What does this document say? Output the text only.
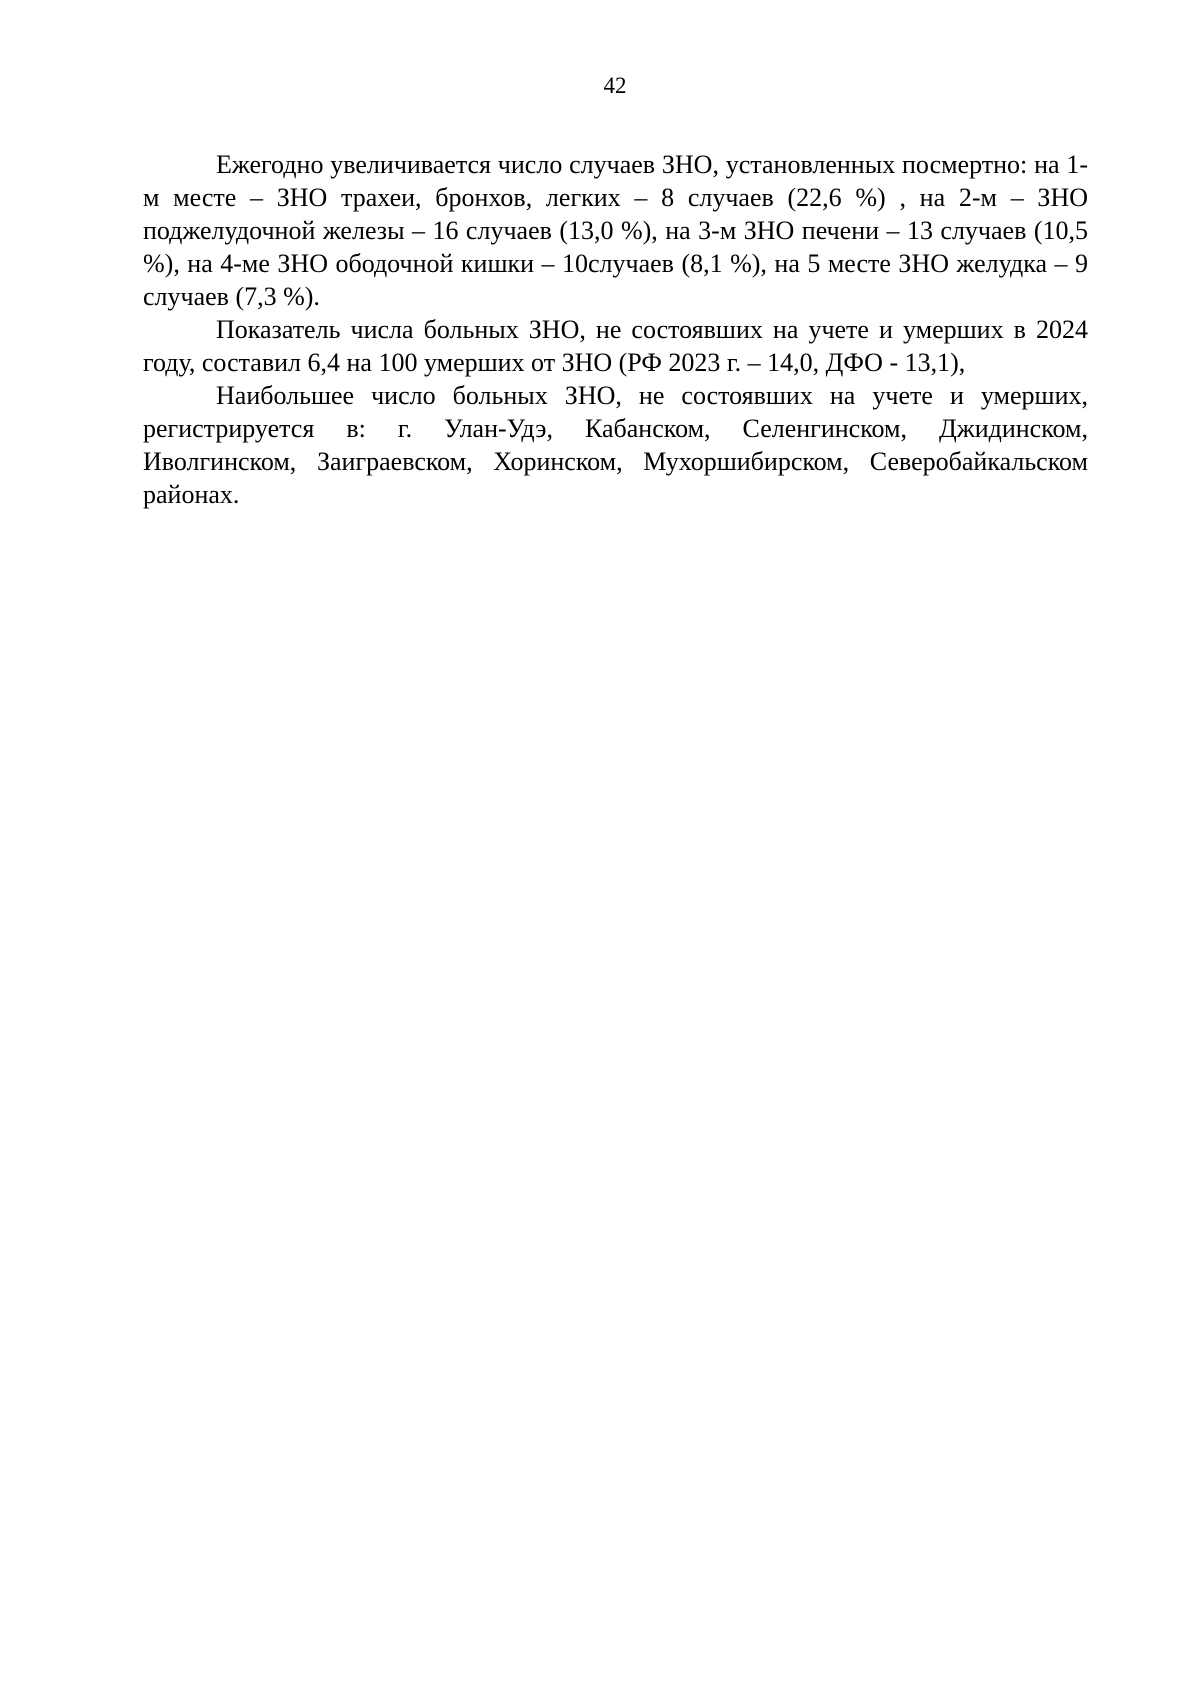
42

Ежегодно увеличивается число случаев ЗНО, установленных посмертно: на 1-м месте – ЗНО трахеи, бронхов, легких – 8 случаев (22,6 %) , на 2-м – ЗНО поджелудочной железы – 16 случаев (13,0 %), на 3-м ЗНО печени – 13 случаев (10,5 %), на 4-ме ЗНО ободочной кишки – 10случаев (8,1 %), на 5 месте ЗНО желудка – 9 случаев (7,3 %).

Показатель числа больных ЗНО, не состоявших на учете и умерших в 2024 году, составил 6,4 на 100 умерших от ЗНО (РФ 2023 г. – 14,0, ДФО - 13,1),

Наибольшее число больных ЗНО, не состоявших на учете и умерших, регистрируется в: г. Улан-Удэ, Кабанском, Селенгинском, Джидинском, Иволгинском, Заиграевском, Хоринском, Мухоршибирском, Северобайкальском районах.
